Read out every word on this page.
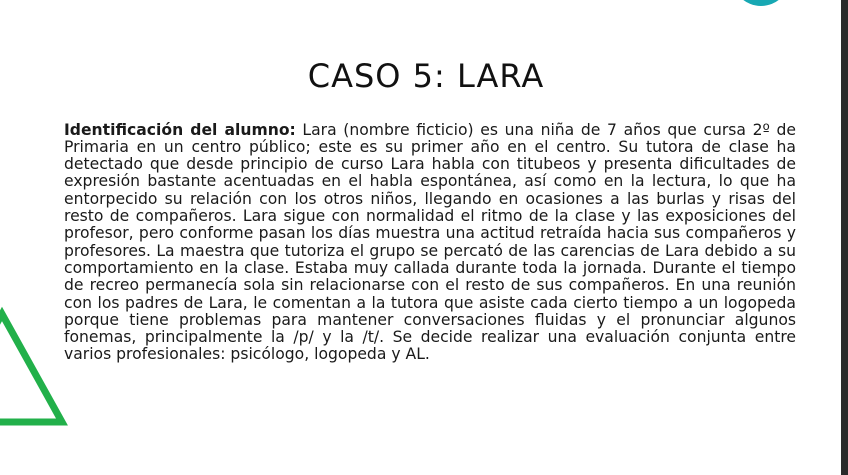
CASO 5: LARA

Identificación del alumno: Lara (nombre ficticio) es una niña de 7 años que cursa 2º de Primaria en un centro público; este es su primer año en el centro. Su tutora de clase ha detectado que desde principio de curso Lara habla con titubeos y presenta dificultades de expresión bastante acentuadas en el habla espontánea, así como en la lectura, lo que ha entorpecido su relación con los otros niños, llegando en ocasiones a las burlas y risas del resto de compañeros. Lara sigue con normalidad el ritmo de la clase y las exposiciones del profesor, pero conforme pasan los días muestra una actitud retraída hacia sus compañeros y profesores. La maestra que tutoriza el grupo se percató de las carencias de Lara debido a su comportamiento en la clase. Estaba muy callada durante toda la jornada. Durante el tiempo de recreo permanecía sola sin relacionarse con el resto de sus compañeros. En una reunión con los padres de Lara, le comentan a la tutora que asiste cada cierto tiempo a un logopeda porque tiene problemas para mantener conversaciones fluidas y el pronunciar algunos fonemas, principalmente la /p/ y la /t/. Se decide realizar una evaluación conjunta entre varios profesionales: psicólogo, logopeda y AL.
